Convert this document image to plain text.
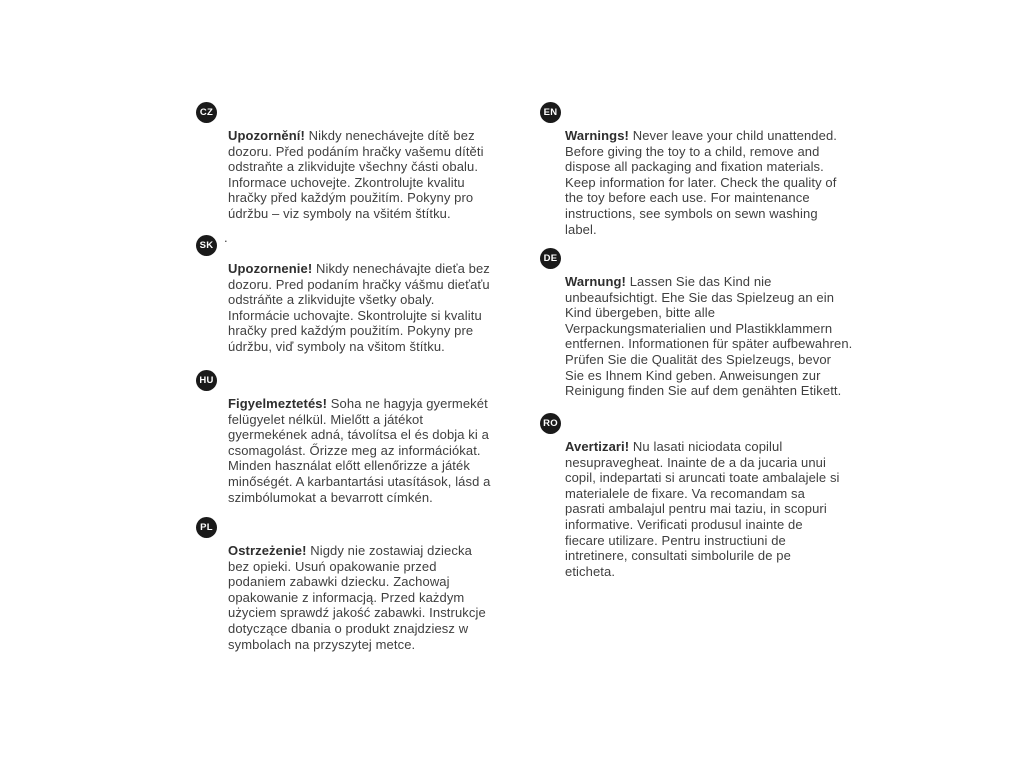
CZ

Upozornění! Nikdy nenechávejte dítě bez dozoru. Před podáním hračky vašemu dítěti odstraňte a zlikvidujte všechny části obalu. Informace uchovejte. Zkontrolujte kvalitu hračky před každým použitím. Pokyny pro údržbu – viz symboly na všitém štítku.

.
SK

Upozornenie! Nikdy nenechávajte dieťa bez dozoru. Pred podaním hračky vášmu dieťaťu odstráňte a zlikvidujte všetky obaly. Informácie uchovajte. Skontrolujte si kvalitu hračky pred každým použitím. Pokyny pre údržbu, viď symboly na všitom štítku.

HU

Figyelmeztetés! Soha ne hagyja gyermekét felügyelet nélkül. Mielőtt a játékot gyermekének adná, távolítsa el és dobja ki a csomagolást. Őrizze meg az információkat. Minden használat előtt ellenőrizze a játék minőségét. A karbantartási utasítások, lásd a szimbólumokat a bevarrott címkén.

PL

Ostrzeżenie! Nigdy nie zostawiaj dziecka bez opieki. Usuń opakowanie przed podaniem zabawki dziecku. Zachowaj opakowanie z informacją. Przed każdym użyciem sprawdź jakość zabawki. Instrukcje dotyczące dbania o produkt znajdziesz w symbolach na przyszytej metce.

EN

Warnings! Never leave your child unattended. Before giving the toy to a child, remove and dispose all packaging and fixation materials. Keep information for later. Check the quality of the toy before each use. For maintenance instructions, see symbols on sewn washing label.

DE

Warnung! Lassen Sie das Kind nie unbeaufsichtigt. Ehe Sie das Spielzeug an ein Kind übergeben, bitte alle Verpackungsmaterialien und Plastikklammern entfernen. Informationen für später aufbewahren. Prüfen Sie die Qualität des Spielzeugs, bevor Sie es Ihnem Kind geben. Anweisungen zur Reinigung finden Sie auf dem genähten Etikett.

RO

Avertizari! Nu lasati niciodata copilul nesupravegheat. Inainte de a da jucaria unui copil, indepartati si aruncati toate ambalajele si materialele de fixare. Va recomandam sa pasrati ambalajul pentru mai taziu, in scopuri informative. Verificati produsul inainte de fiecare utilizare. Pentru instructiuni de intretinere, consultati simbolurile de pe eticheta.
